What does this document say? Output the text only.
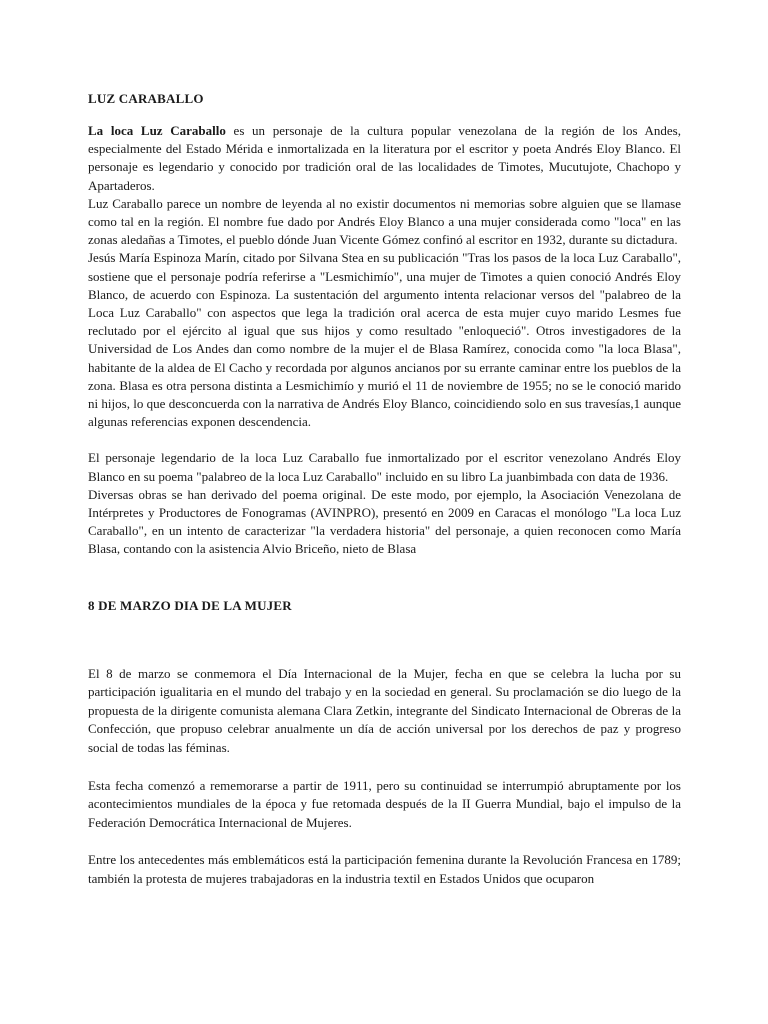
LUZ CARABALLO

La loca Luz Caraballo es un personaje de la cultura popular venezolana de la región de los Andes, especialmente del Estado Mérida e inmortalizada en la literatura por el escritor y poeta Andrés Eloy Blanco. El personaje es legendario y conocido por tradición oral de las localidades de Timotes, Mucutujote, Chachopo y Apartaderos.

Luz Caraballo parece un nombre de leyenda al no existir documentos ni memorias sobre alguien que se llamase como tal en la región. El nombre fue dado por Andrés Eloy Blanco a una mujer considerada como "loca" en las zonas aledañas a Timotes, el pueblo dónde Juan Vicente Gómez confinó al escritor en 1932, durante su dictadura.

Jesús María Espinoza Marín, citado por Silvana Stea en su publicación "Tras los pasos de la loca Luz Caraballo", sostiene que el personaje podría referirse a "Lesmichimío", una mujer de Timotes a quien conoció Andrés Eloy Blanco, de acuerdo con Espinoza. La sustentación del argumento intenta relacionar versos del "palabreo de la Loca Luz Caraballo" con aspectos que lega la tradición oral acerca de esta mujer cuyo marido Lesmes fue reclutado por el ejército al igual que sus hijos y como resultado "enloqueció". Otros investigadores de la Universidad de Los Andes dan como nombre de la mujer el de Blasa Ramírez, conocida como "la loca Blasa", habitante de la aldea de El Cacho y recordada por algunos ancianos por su errante caminar entre los pueblos de la zona. Blasa es otra persona distinta a Lesmichimío y murió el 11 de noviembre de 1955; no se le conoció marido ni hijos, lo que desconcuerda con la narrativa de Andrés Eloy Blanco, coincidiendo solo en sus travesías,1 aunque algunas referencias exponen descendencia.

El personaje legendario de la loca Luz Caraballo fue inmortalizado por el escritor venezolano Andrés Eloy Blanco en su poema "palabreo de la loca Luz Caraballo" incluido en su libro La juanbimbada con data de 1936.

Diversas obras se han derivado del poema original. De este modo, por ejemplo, la Asociación Venezolana de Intérpretes y Productores de Fonogramas (AVINPRO), presentó en 2009 en Caracas el monólogo "La loca Luz Caraballo", en un intento de caracterizar "la verdadera historia" del personaje, a quien reconocen como María Blasa, contando con la asistencia Alvio Briceño, nieto de Blasa

8 DE MARZO DIA DE LA MUJER

El 8 de marzo se conmemora el Día Internacional de la Mujer, fecha en que se celebra la lucha por su participación igualitaria en el mundo del trabajo y en la sociedad en general. Su proclamación se dio luego de la propuesta de la dirigente comunista alemana Clara Zetkin, integrante del Sindicato Internacional de Obreras de la Confección, que propuso celebrar anualmente un día de acción universal por los derechos de paz y progreso social de todas las féminas.

Esta fecha comenzó a rememorarse a partir de 1911, pero su continuidad se interrumpió abruptamente por los acontecimientos mundiales de la época y fue retomada después de la II Guerra Mundial, bajo el impulso de la Federación Democrática Internacional de Mujeres.

Entre los antecedentes más emblemáticos está la participación femenina durante la Revolución Francesa en 1789; también la protesta de mujeres trabajadoras en la industria textil en Estados Unidos que ocuparon
